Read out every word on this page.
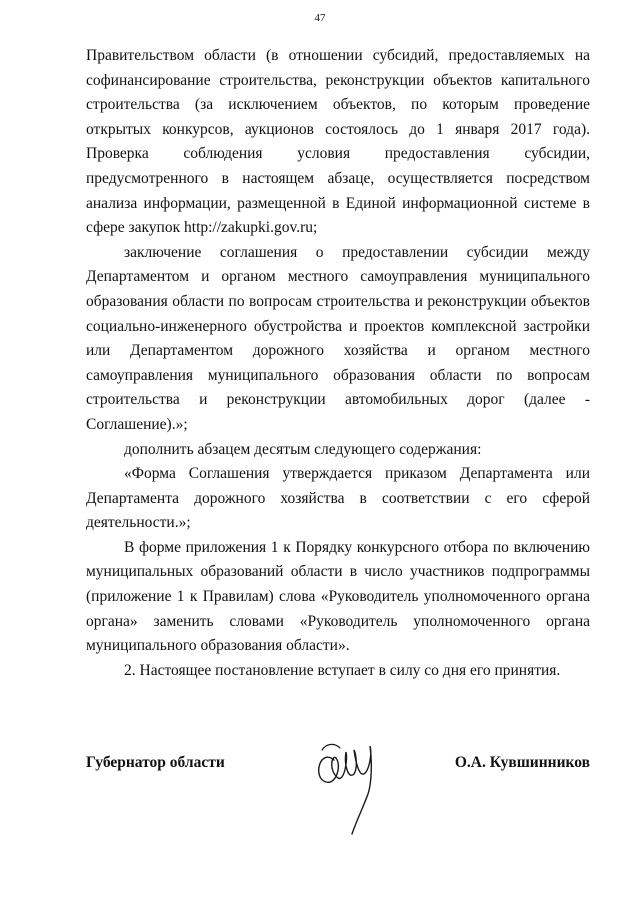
47

Правительством области (в отношении субсидий, предоставляемых на софинансирование строительства, реконструкции объектов капитального строительства (за исключением объектов, по которым проведение открытых конкурсов, аукционов состоялось до 1 января 2017 года). Проверка соблюдения условия предоставления субсидии, предусмотренного в настоящем абзаце, осуществляется посредством анализа информации, размещенной в Единой информационной системе в сфере закупок http://zakupki.gov.ru;

заключение соглашения о предоставлении субсидии между Департаментом и органом местного самоуправления муниципального образования области по вопросам строительства и реконструкции объектов социально-инженерного обустройства и проектов комплексной застройки или Департаментом дорожного хозяйства и органом местного самоуправления муниципального образования области по вопросам строительства и реконструкции автомобильных дорог (далее - Соглашение).»;

дополнить абзацем десятым следующего содержания:

«Форма Соглашения утверждается приказом Департамента или Департамента дорожного хозяйства в соответствии с его сферой деятельности.»;

В форме приложения 1 к Порядку конкурсного отбора по включению муниципальных образований области в число участников подпрограммы (приложение 1 к Правилам) слова «Руководитель уполномоченного органа органа» заменить словами «Руководитель уполномоченного органа муниципального образования области».

2. Настоящее постановление вступает в силу со дня его принятия.

Губернатор области	О.А. Кувшинников
